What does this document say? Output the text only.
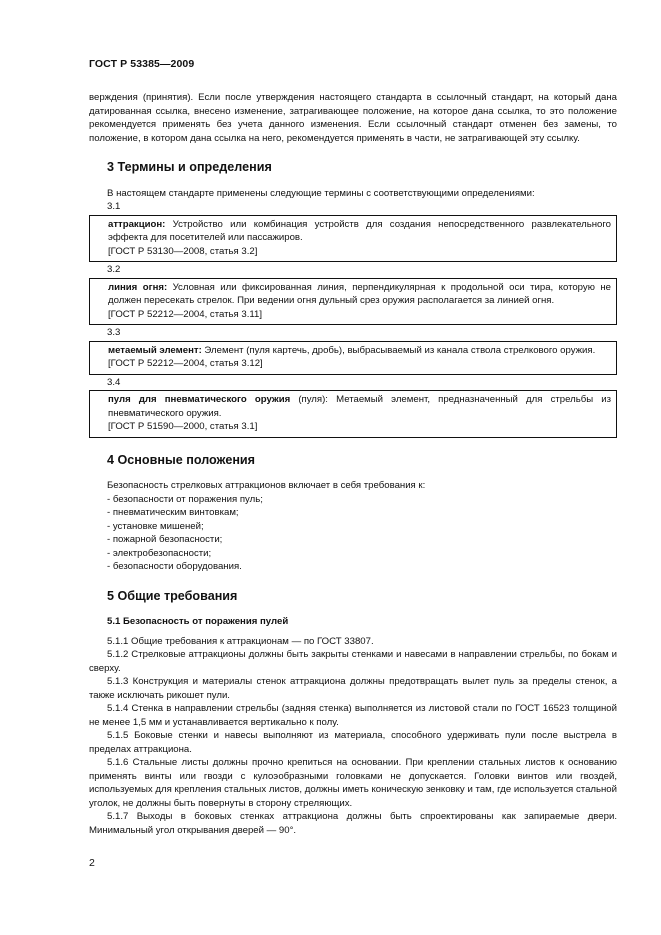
ГОСТ Р 53385—2009

верждения (принятия). Если после утверждения настоящего стандарта в ссылочный стандарт, на который дана датированная ссылка, внесено изменение, затрагивающее положение, на которое дана ссылка, то это положение рекомендуется применять без учета данного изменения. Если ссылочный стандарт отменен без замены, то положение, в котором дана ссылка на него, рекомендуется применять в части, не затрагивающей эту ссылку.

3 Термины и определения

В настоящем стандарте применены следующие термины с соответствующими определениями:

3.1
аттракцион: Устройство или комбинация устройств для создания непосредственного развлекательного эффекта для посетителей или пассажиров.
[ГОСТ Р 53130—2008, статья 3.2]
3.2
линия огня: Условная или фиксированная линия, перпендикулярная к продольной оси тира, которую не должен пересекать стрелок. При ведении огня дульный срез оружия располагается за линией огня.
[ГОСТ Р 52212—2004, статья 3.11]
3.3
метаемый элемент: Элемент (пуля картечь, дробь), выбрасываемый из канала ствола стрелкового оружия.
[ГОСТ Р 52212—2004, статья 3.12]
3.4
пуля для пневматического оружия (пуля): Метаемый элемент, предназначенный для стрельбы из пневматического оружия.
[ГОСТ Р 51590—2000, статья 3.1]
4 Основные положения

Безопасность стрелковых аттракционов включает в себя требования к:

- безопасности от поражения пуль;
- пневматическим винтовкам;
- установке мишеней;
- пожарной безопасности;
- электробезопасности;
- безопасности оборудования.
5 Общие требования
5.1 Безопасность от поражения пулей

5.1.1 Общие требования к аттракционам — по ГОСТ 33807.

5.1.2 Стрелковые аттракционы должны быть закрыты стенками и навесами в направлении стрельбы, по бокам и сверху.

5.1.3 Конструкция и материалы стенок аттракциона должны предотвращать вылет пуль за пределы стенок, а также исключать рикошет пули.

5.1.4 Стенка в направлении стрельбы (задняя стенка) выполняется из листовой стали по ГОСТ 16523 толщиной не менее 1,5 мм и устанавливается вертикально к полу.

5.1.5 Боковые стенки и навесы выполняют из материала, способного удерживать пули после выстрела в пределах аттракциона.

5.1.6 Стальные листы должны прочно крепиться на основании. При креплении стальных листов к основанию применять винты или гвозди с кулоэобразными головками не допускается. Головки винтов или гвоздей, используемых для крепления стальных листов, должны иметь коническую зенковку и там, где используется стальной уголок, не должны быть повернуты в сторону стреляющих.

5.1.7 Выходы в боковых стенках аттракциона должны быть спроектированы как запираемые двери. Минимальный угол открывания дверей — 90°.

2
